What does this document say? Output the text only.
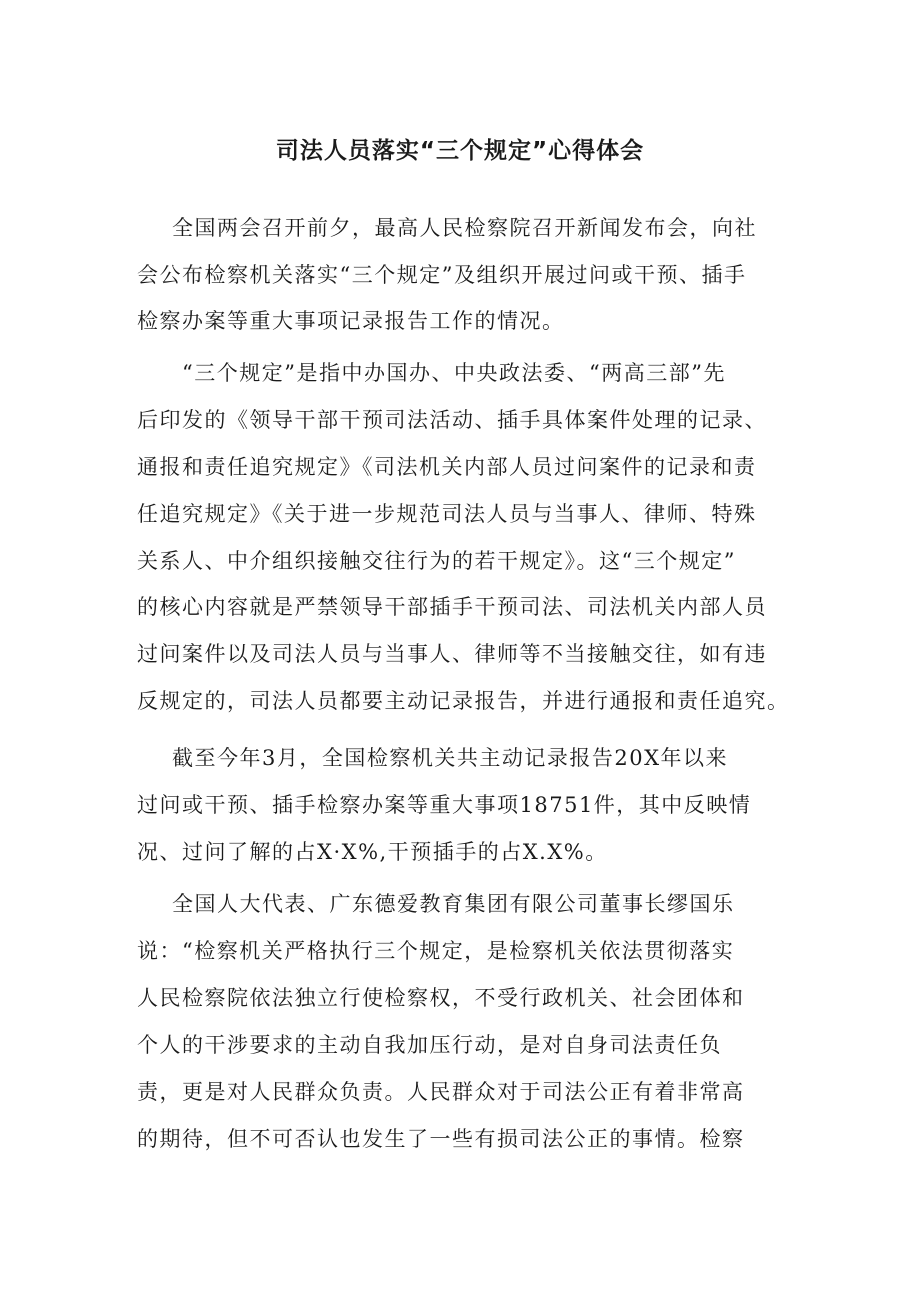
司法人员落实“三个规定”心得体会

全国两会召开前夕，最高人民检察院召开新闻发布会，向社

会公布检察机关落实“三个规定”及组织开展过问或干预、插手

检察办案等重大事项记录报告工作的情况。

“三个规定”是指中办国办、中央政法委、“两高三部”先

后印发的《领导干部干预司法活动、插手具体案件处理的记录、

通报和责任追究规定》《司法机关内部人员过问案件的记录和责

任追究规定》《关于进一步规范司法人员与当事人、律师、特殊

关系人、中介组织接触交往行为的若干规定》。这“三个规定”

的核心内容就是严禁领导干部插手干预司法、司法机关内部人员

过问案件以及司法人员与当事人、律师等不当接触交往，如有违

反规定的，司法人员都要主动记录报告，并进行通报和责任追究。

截至今年3月，全国检察机关共主动记录报告20X年以来

过问或干预、插手检察办案等重大事项18751件，其中反映情

况、过问了解的占X·X%,干预插手的占X.X%。

全国人大代表、广东德爱教育集团有限公司董事长缪国乐

说：“检察机关严格执行三个规定，是检察机关依法贯彻落实

人民检察院依法独立行使检察权，不受行政机关、社会团体和

个人的干涉要求的主动自我加压行动，是对自身司法责任负

责，更是对人民群众负责。人民群众对于司法公正有着非常高

的期待，但不可否认也发生了一些有损司法公正的事情。检察
